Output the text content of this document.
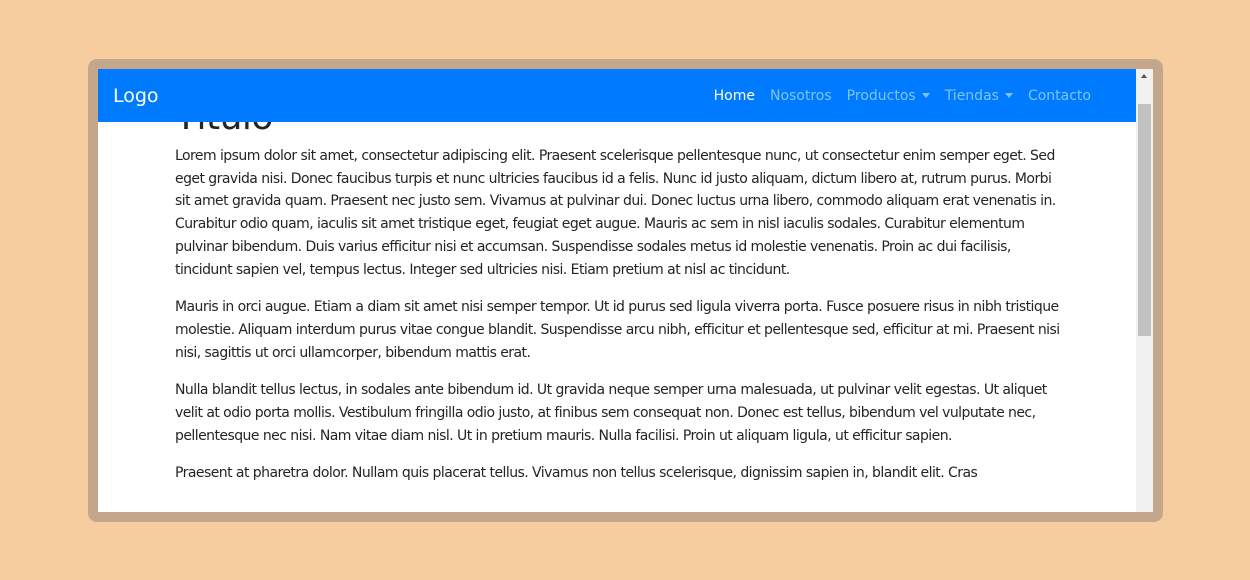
Lorem ipsum dolor sit amet, consectetur adipiscing elit. Praesent scelerisque pellentesque nunc, ut consectetur enim semper eget. Sed eget gravida nisi. Donec faucibus turpis et nunc ultricies faucibus id a felis. Nunc id justo aliquam, dictum libero at, rutrum purus. Morbi sit amet gravida quam. Praesent nec justo sem. Vivamus at pulvinar dui. Donec luctus urna libero, commodo aliquam erat venenatis in. Curabitur odio quam, iaculis sit amet tristique eget, feugiat eget augue. Mauris ac sem in nisl iaculis sodales. Curabitur elementum pulvinar bibendum. Duis varius efficitur nisi et accumsan. Suspendisse sodales metus id molestie venenatis. Proin ac dui facilisis, tincidunt sapien vel, tempus lectus. Integer sed ultricies nisi. Etiam pretium at nisl ac tincidunt.

Mauris in orci augue. Etiam a diam sit amet nisi semper tempor. Ut id purus sed ligula viverra porta. Fusce posuere risus in nibh tristique molestie. Aliquam interdum purus vitae congue blandit. Suspendisse arcu nibh, efficitur et pellentesque sed, efficitur at mi. Praesent nisi nisi, sagittis ut orci ullamcorper, bibendum mattis erat.

Nulla blandit tellus lectus, in sodales ante bibendum id. Ut gravida neque semper urna malesuada, ut pulvinar velit egestas. Ut aliquet velit at odio porta mollis. Vestibulum fringilla odio justo, at finibus sem consequat non. Donec est tellus, bibendum vel vulputate nec, pellentesque nec nisi. Nam vitae diam nisl. Ut in pretium mauris. Nulla facilisi. Proin ut aliquam ligula, ut efficitur sapien.

Praesent at pharetra dolor. Nullam quis placerat tellus. Vivamus non tellus scelerisque, dignissim sapien in, blandit elit. Cras

Logo	Home Nosotros Productos	Tiendas	Contacto
